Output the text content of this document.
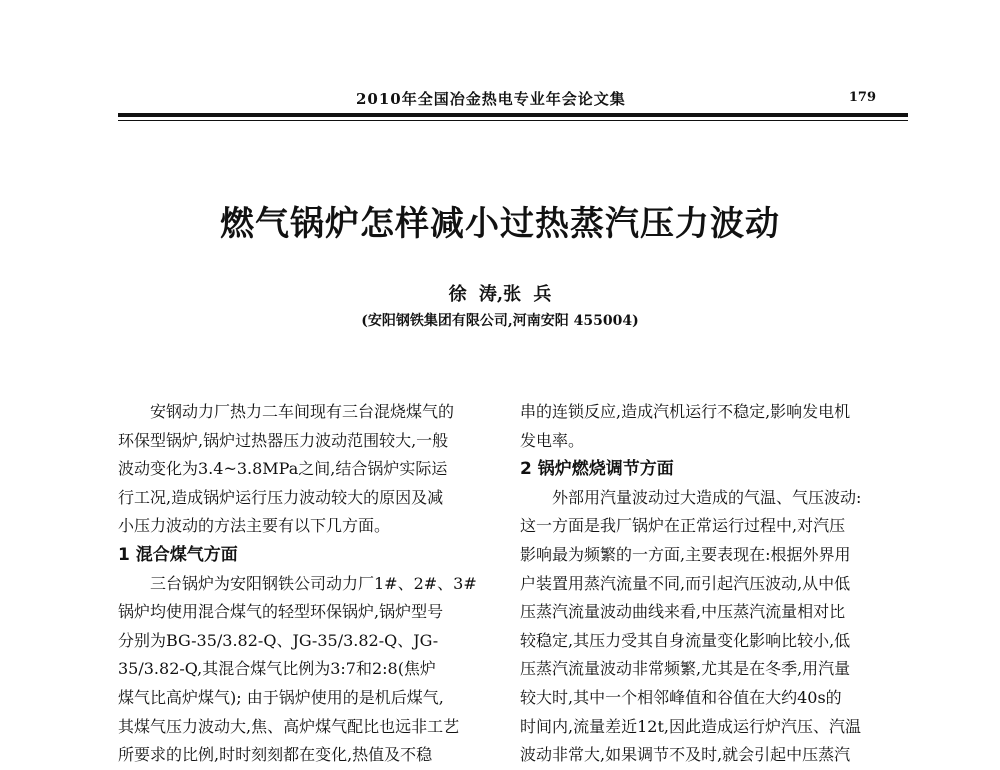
2010年全国冶金热电专业年会论文集	179
燃气锅炉怎样减小过热蒸汽压力波动
徐 涛,张 兵
(安阳钢铁集团有限公司,河南安阳 455004)
安钢动力厂热力二车间现有三台混烧煤气的
环保型锅炉,锅炉过热器压力波动范围较大,一般
波动变化为3.4~3.8MPa之间,结合锅炉实际运
行工况,造成锅炉运行压力波动较大的原因及减
小压力波动的方法主要有以下几方面。
1 混合煤气方面
三台锅炉为安阳钢铁公司动力厂1#、2#、3#
锅炉均使用混合煤气的轻型环保锅炉,锅炉型号
分别为BG-35/3.82-Q、JG-35/3.82-Q、JG-
35/3.82-Q,其混合煤气比例为3:7和2:8(焦炉
煤气比高炉煤气); 由于锅炉使用的是机后煤气,
其煤气压力波动大,焦、高炉煤气配比也远非工艺
所要求的比例,时时刻刻都在变化,热值及不稳
串的连锁反应,造成汽机运行不稳定,影响发电机
发电率。
2 锅炉燃烧调节方面
外部用汽量波动过大造成的气温、气压波动:
这一方面是我厂锅炉在正常运行过程中,对汽压
影响最为频繁的一方面,主要表现在:根据外界用
户装置用蒸汽流量不同,而引起汽压波动,从中低
压蒸汽流量波动曲线来看,中压蒸汽流量相对比
较稳定,其压力受其自身流量变化影响比较小,低
压蒸汽流量波动非常频繁,尤其是在冬季,用汽量
较大时,其中一个相邻峰值和谷值在大约40s的
时间内,流量差近12t,因此造成运行炉汽压、汽温
波动非常大,如果调节不及时,就会引起中压蒸汽
